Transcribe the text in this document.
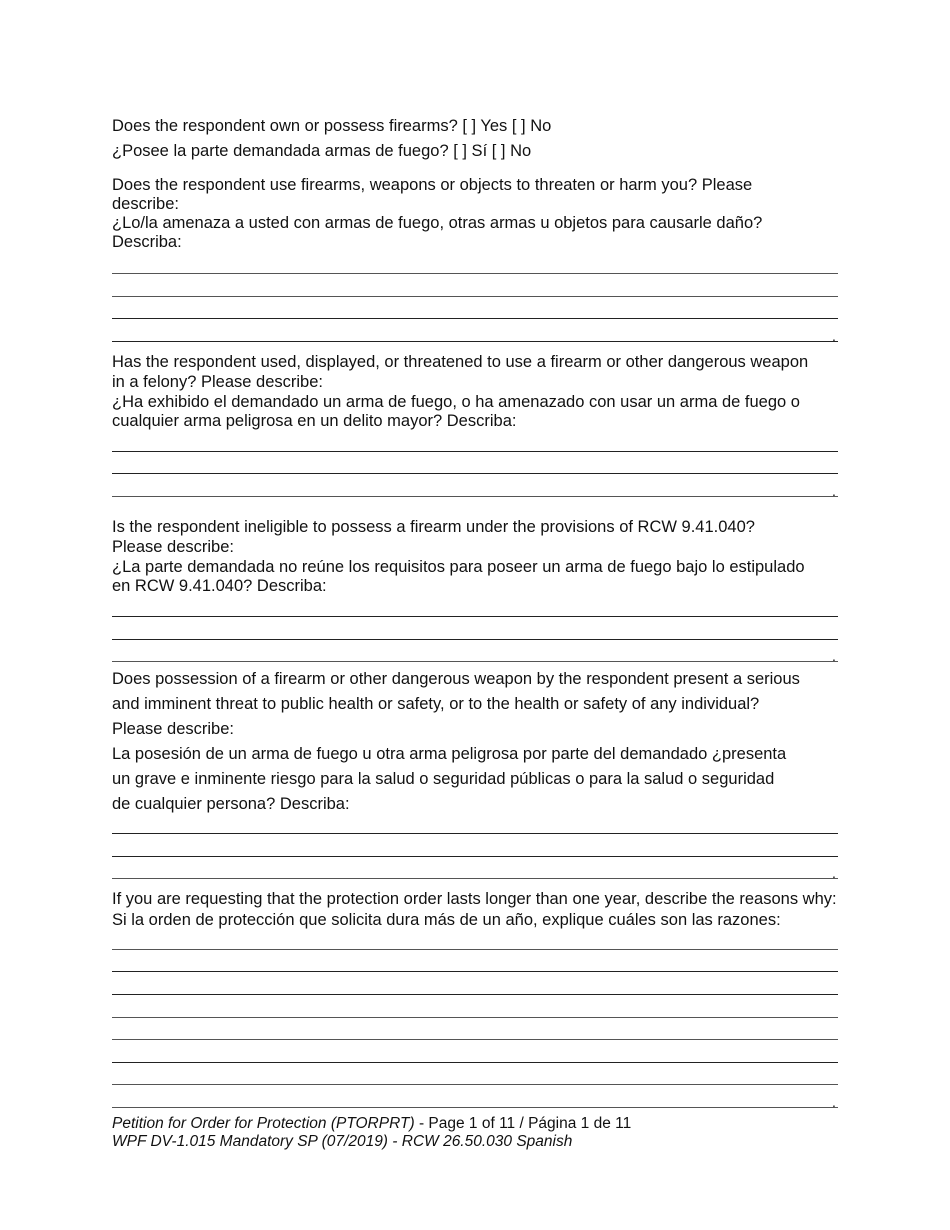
Does the respondent own or possess firearms? [ ] Yes [ ] No
¿Posee la parte demandada armas de fuego? [ ] Sí [ ] No
Does the respondent use firearms, weapons or objects to threaten or harm you? Please
describe:
¿Lo/la amenaza a usted con armas de fuego, otras armas u objetos para causarle daño?
Describa:
.
Has the respondent used, displayed, or threatened to use a firearm or other dangerous weapon
in a felony? Please describe:
¿Ha exhibido el demandado un arma de fuego, o ha amenazado con usar un arma de fuego o
cualquier arma peligrosa en un delito mayor? Describa:
.
Is the respondent ineligible to possess a firearm under the provisions of RCW 9.41.040?
Please describe:
¿La parte demandada no reúne los requisitos para poseer un arma de fuego bajo lo estipulado
en RCW 9.41.040? Describa:
.
Does possession of a firearm or other dangerous weapon by the respondent present a serious
and imminent threat to public health or safety, or to the health or safety of any individual?
Please describe:
La posesión de un arma de fuego u otra arma peligrosa por parte del demandado ¿presenta
un grave e inminente riesgo para la salud o seguridad públicas o para la salud o seguridad
de cualquier persona? Describa:
.
If you are requesting that the protection order lasts longer than one year, describe the reasons why:
Si la orden de protección que solicita dura más de un año, explique cuáles son las razones:
.
Petition for Order for Protection (PTORPRT) - Page 1 of 11 / Página 1 de 11
WPF DV-1.015 Mandatory SP (07/2019) - RCW 26.50.030 Spanish
